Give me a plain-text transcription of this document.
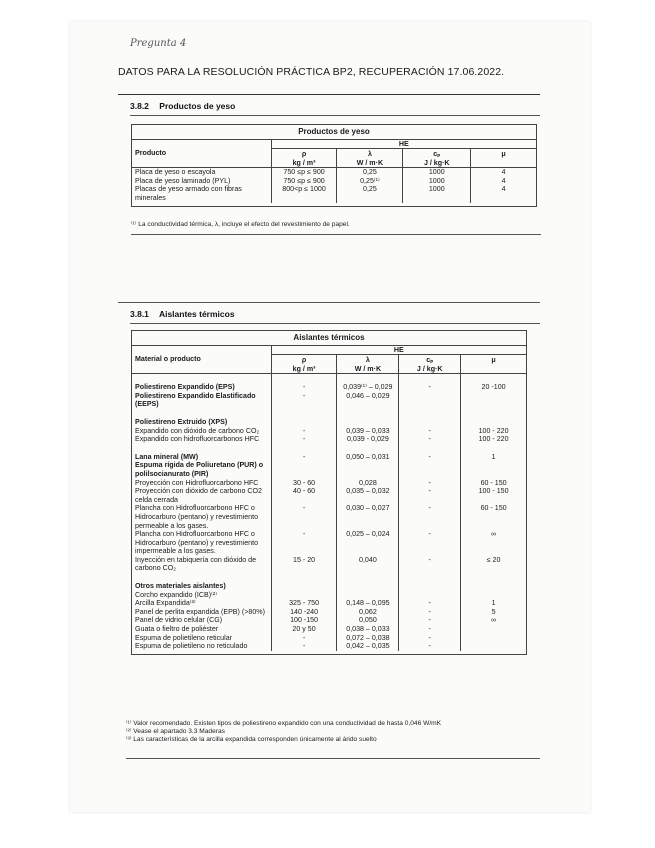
Pregunta 4
DATOS PARA LA RESOLUCIÓN PRÁCTICA BP2, RECUPERACIÓN 17.06.2022.
3.8.2 Productos de yeso
Productos de yeso				
Producto	HE			
	ρ	λ	cₚ	μ
	kg / m³	W / m·K	J / kg·K	
Placa de yeso o escayola	750 ≤p ≤ 900	0,25	1000	4
Placa de yeso laminado (PYL)	750 ≤p ≤ 900	0,25⁽¹⁾	1000	4
Placas de yeso armado con fibras minerales	800<p ≤ 1000	0,25	1000	4

⁽¹⁾ La conductividad térmica, λ, incluye el efecto del revestimiento de papel.
3.8.1 Aislantes térmicos
Aislantes térmicos				
Material o producto	HE			
	ρ	λ	cₚ	μ
	kg / m³	W / m·K	J / kg·K	

Poliestireno Expandido (EPS)	-	0,039⁽¹⁾ – 0,029	-	20 -100
Poliestireno Expandido Elastificado (EEPS)	-	0,046 – 0,029		

Poliestireno Extruido (XPS)				
Expandido con dióxido de carbono CO₂	-	0,039 – 0,033	-	100 - 220
Expandido con hidrofluorcarbonos HFC	-	0,039 - 0,029	-	100 - 220

Lana mineral (MW)	-	0,050 – 0,031	-	1
Espuma rígida de Poliuretano (PUR) o polilsocianurato (PIR)				
Proyección con Hidrofluorcarbono HFC	30 - 60	0,028	-	60 - 150
Proyección con dióxido de carbono CO2 celda cerrada	40 - 60	0,035 – 0,032	-	100 - 150
Plancha con Hidrofluorcarbono HFC o Hidrocarburo (pentano) y revestimiento permeable a los gases.	-	0,030 – 0,027	-	60 - 150
Plancha con Hidrofluorcarbono HFC o Hidrocarburo (pentano) y revestimiento impermeable a los gases.	-	0,025 – 0,024	-	∞
Inyección en tabiquería con dióxido de carbono CO₂	15 - 20	0,040	-	≤ 20

Otros materiales aislantes)				
Corcho expandido (ICB)⁽²⁾				
Arcilla Expandida⁽³⁾	325 - 750	0,148 – 0,095	-	1
Panel de perlita expandida (EPB) (>80%)	140 -240	0,062	-	5
Panel de vidrio celular (CG)	100 -150	0,050	-	∞
Guata o fieltro de poliéster	20 y 50	0,038 – 0,033	-	
Espuma de polietileno reticular	-	0,072 – 0,038	-	
Espuma de polietileno no reticulado	-	0,042 – 0,035	-	

⁽¹⁾ Valor recomendado. Existen tipos de poliestireno expandido con una conductividad de hasta 0,046 W/mK
⁽²⁾ Vease el apartado 3.3 Maderas
⁽³⁾ Las características de la arcilla expandida corresponden únicamente al árido suelto
